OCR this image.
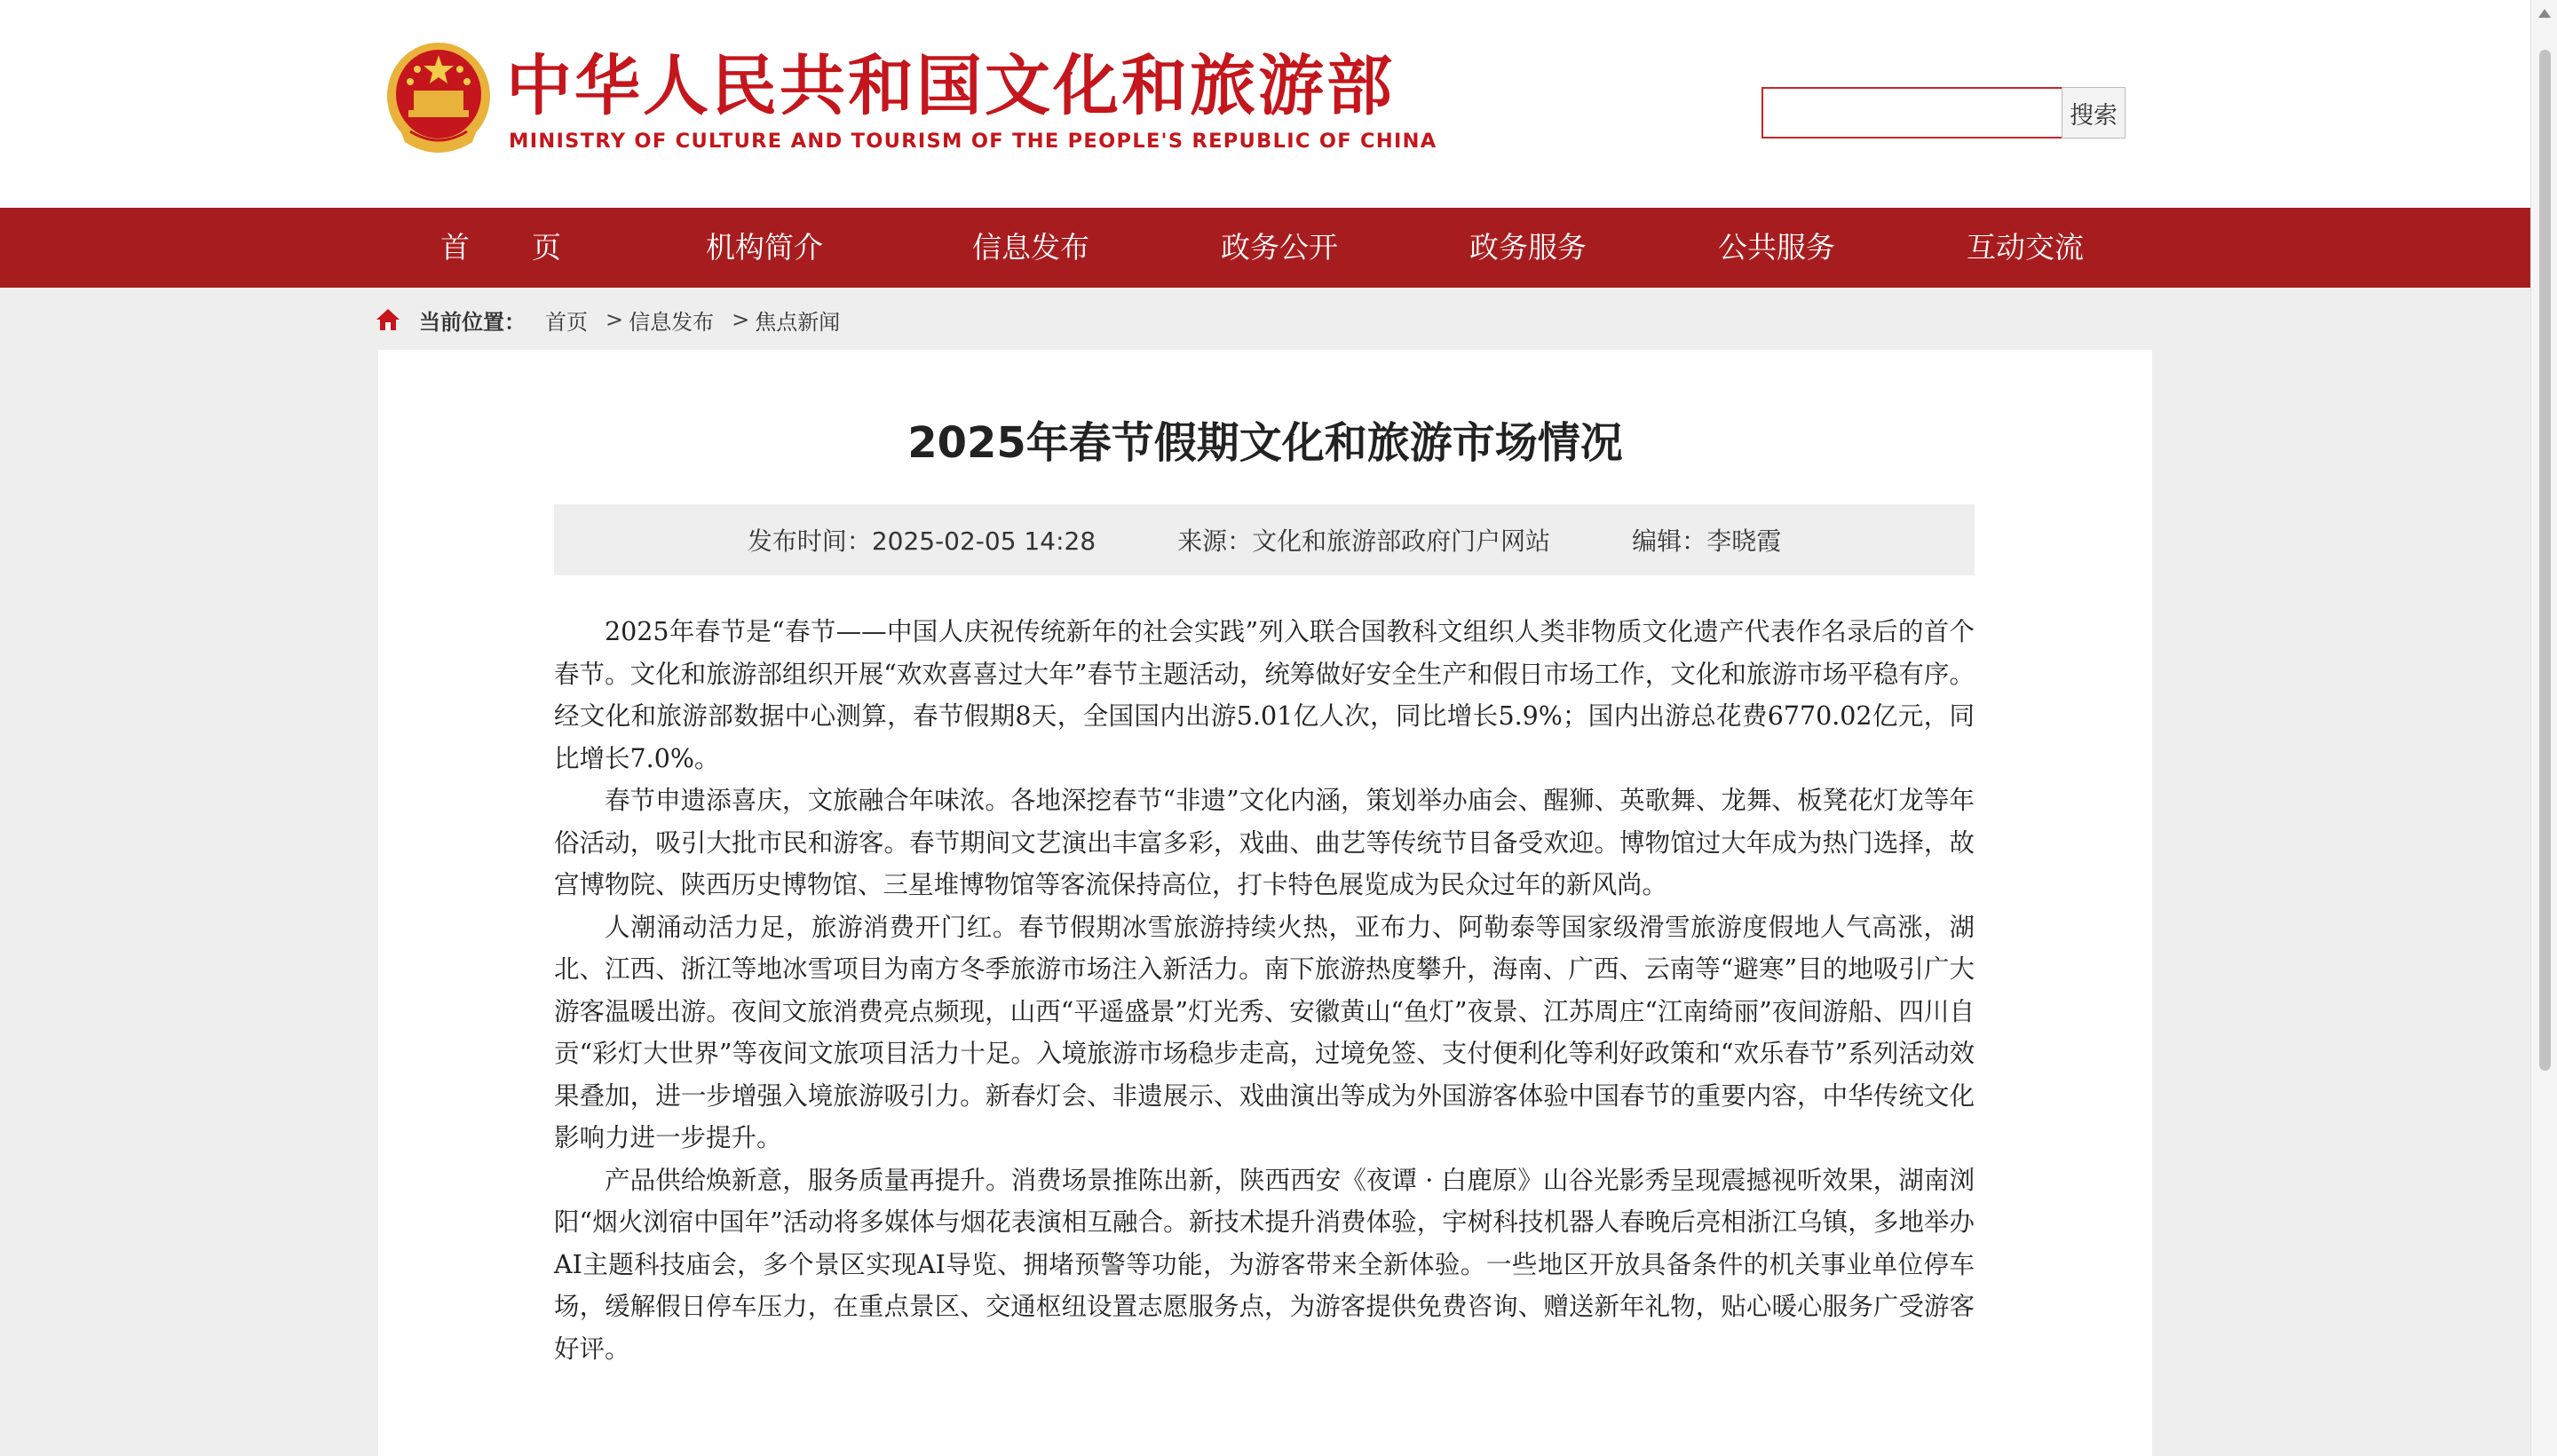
中华人民共和国文化和旅游部
MINISTRY OF CULTURE AND TOURISM OF THE PEOPLE'S REPUBLIC OF CHINA
搜索
首页	机构简介	信息发布	政务公开	政务服务	公共服务	互动交流
当前位置： 首页 > 信息发布 > 焦点新闻
2025年春节假期文化和旅游市场情况
发布时间：2025-02-05 14:28	来源：文化和旅游部政府门户网站	编辑：李晓霞

2025年春节是“春节——中国人庆祝传统新年的社会实践”列入联合国教科文组织人类非物质文化遗产代表作名录后的首个春节。文化和旅游部组织开展“欢欢喜喜过大年”春节主题活动，统筹做好安全生产和假日市场工作，文化和旅游市场平稳有序。经文化和旅游部数据中心测算，春节假期8天，全国国内出游5.01亿人次，同比增长5.9%；国内出游总花费6770.02亿元，同比增长7.0%。

春节申遗添喜庆，文旅融合年味浓。各地深挖春节“非遗”文化内涵，策划举办庙会、醒狮、英歌舞、龙舞、板凳花灯龙等年俗活动，吸引大批市民和游客。春节期间文艺演出丰富多彩，戏曲、曲艺等传统节目备受欢迎。博物馆过大年成为热门选择，故宫博物院、陕西历史博物馆、三星堆博物馆等客流保持高位，打卡特色展览成为民众过年的新风尚。

人潮涌动活力足，旅游消费开门红。春节假期冰雪旅游持续火热，亚布力、阿勒泰等国家级滑雪旅游度假地人气高涨，湖北、江西、浙江等地冰雪项目为南方冬季旅游市场注入新活力。南下旅游热度攀升，海南、广西、云南等“避寒”目的地吸引广大游客温暖出游。夜间文旅消费亮点频现，山西“平遥盛景”灯光秀、安徽黄山“鱼灯”夜景、江苏周庄“江南绮丽”夜间游船、四川自贡“彩灯大世界”等夜间文旅项目活力十足。入境旅游市场稳步走高，过境免签、支付便利化等利好政策和“欢乐春节”系列活动效果叠加，进一步增强入境旅游吸引力。新春灯会、非遗展示、戏曲演出等成为外国游客体验中国春节的重要内容，中华传统文化影响力进一步提升。

产品供给焕新意，服务质量再提升。消费场景推陈出新，陕西西安《夜谭 · 白鹿原》山谷光影秀呈现震撼视听效果，湖南浏阳“烟火浏宿中国年”活动将多媒体与烟花表演相互融合。新技术提升消费体验，宇树科技机器人春晚后亮相浙江乌镇，多地举办AI主题科技庙会，多个景区实现AI导览、拥堵预警等功能，为游客带来全新体验。一些地区开放具备条件的机关事业单位停车场，缓解假日停车压力，在重点景区、交通枢纽设置志愿服务点，为游客提供免费咨询、赠送新年礼物，贴心暖心服务广受游客好评。
